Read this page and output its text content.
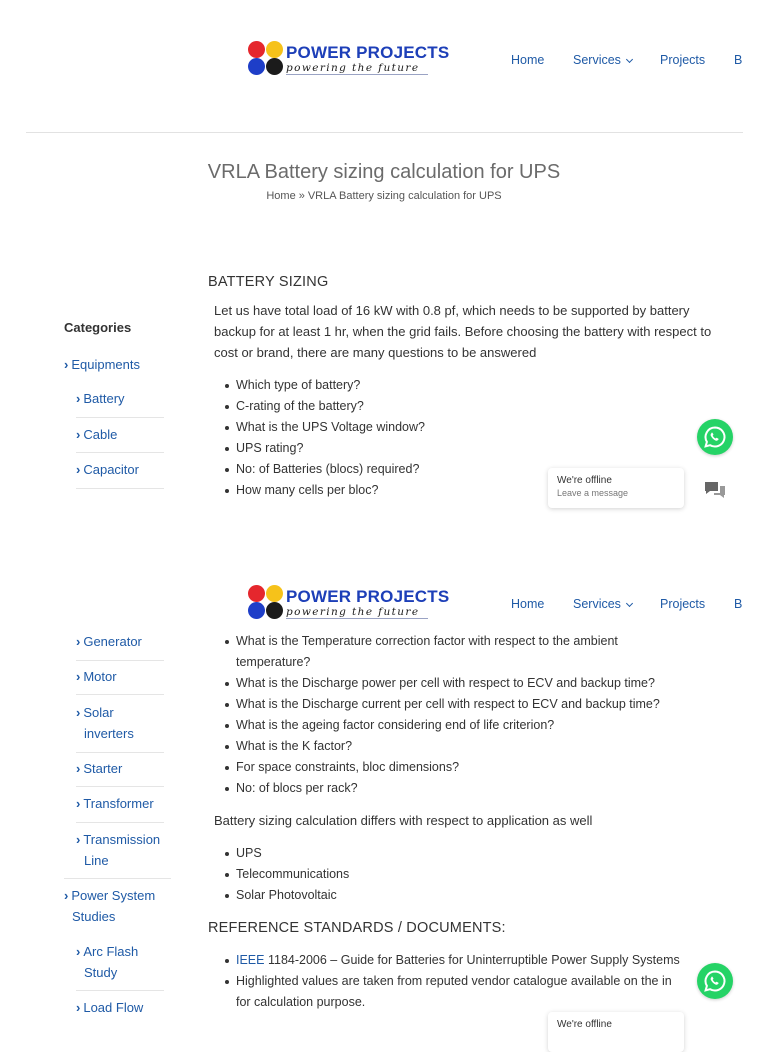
POWER PROJECTS
powering the future
Home Services	Projects B
VRLA Battery sizing calculation for UPS
Home » VRLA Battery sizing calculation for UPS
Categories
› Equipments
› Battery
› Cable
› Capacitor
BATTERY SIZING
Let us have total load of 16 kW with 0.8 pf, which needs to be supported by battery
backup for at least 1 hr, when the grid fails. Before choosing the battery with respect to
cost or brand, there are many questions to be answered
Which type of battery?
C-rating of the battery?
What is the UPS Voltage window?
UPS rating?
No: of Batteries (blocs) required?
How many cells per bloc?
We're offline
Leave a message
› Generator
› Motor
› Solar
inverters
› Starter
› Transformer
› Transmission
Line
› Power System
Studies
› Arc Flash
Study
› Load Flow
What is the Temperature correction factor with respect to the ambient
temperature?
What is the Discharge power per cell with respect to ECV and backup time?
What is the Discharge current per cell with respect to ECV and backup time?
What is the ageing factor considering end of life criterion?
What is the K factor?
For space constraints, bloc dimensions?
No: of blocs per rack?
Battery sizing calculation differs with respect to application as well
UPS
Telecommunications
Solar Photovoltaic
REFERENCE STANDARDS / DOCUMENTS:
IEEE 1184-2006 – Guide for Batteries for Uninterruptible Power Supply Systems
Highlighted values are taken from reputed vendor catalogue available on the in
for calculation purpose.
We're offline
POWER PROJECTS
powering the future
Home Services	Projects B
